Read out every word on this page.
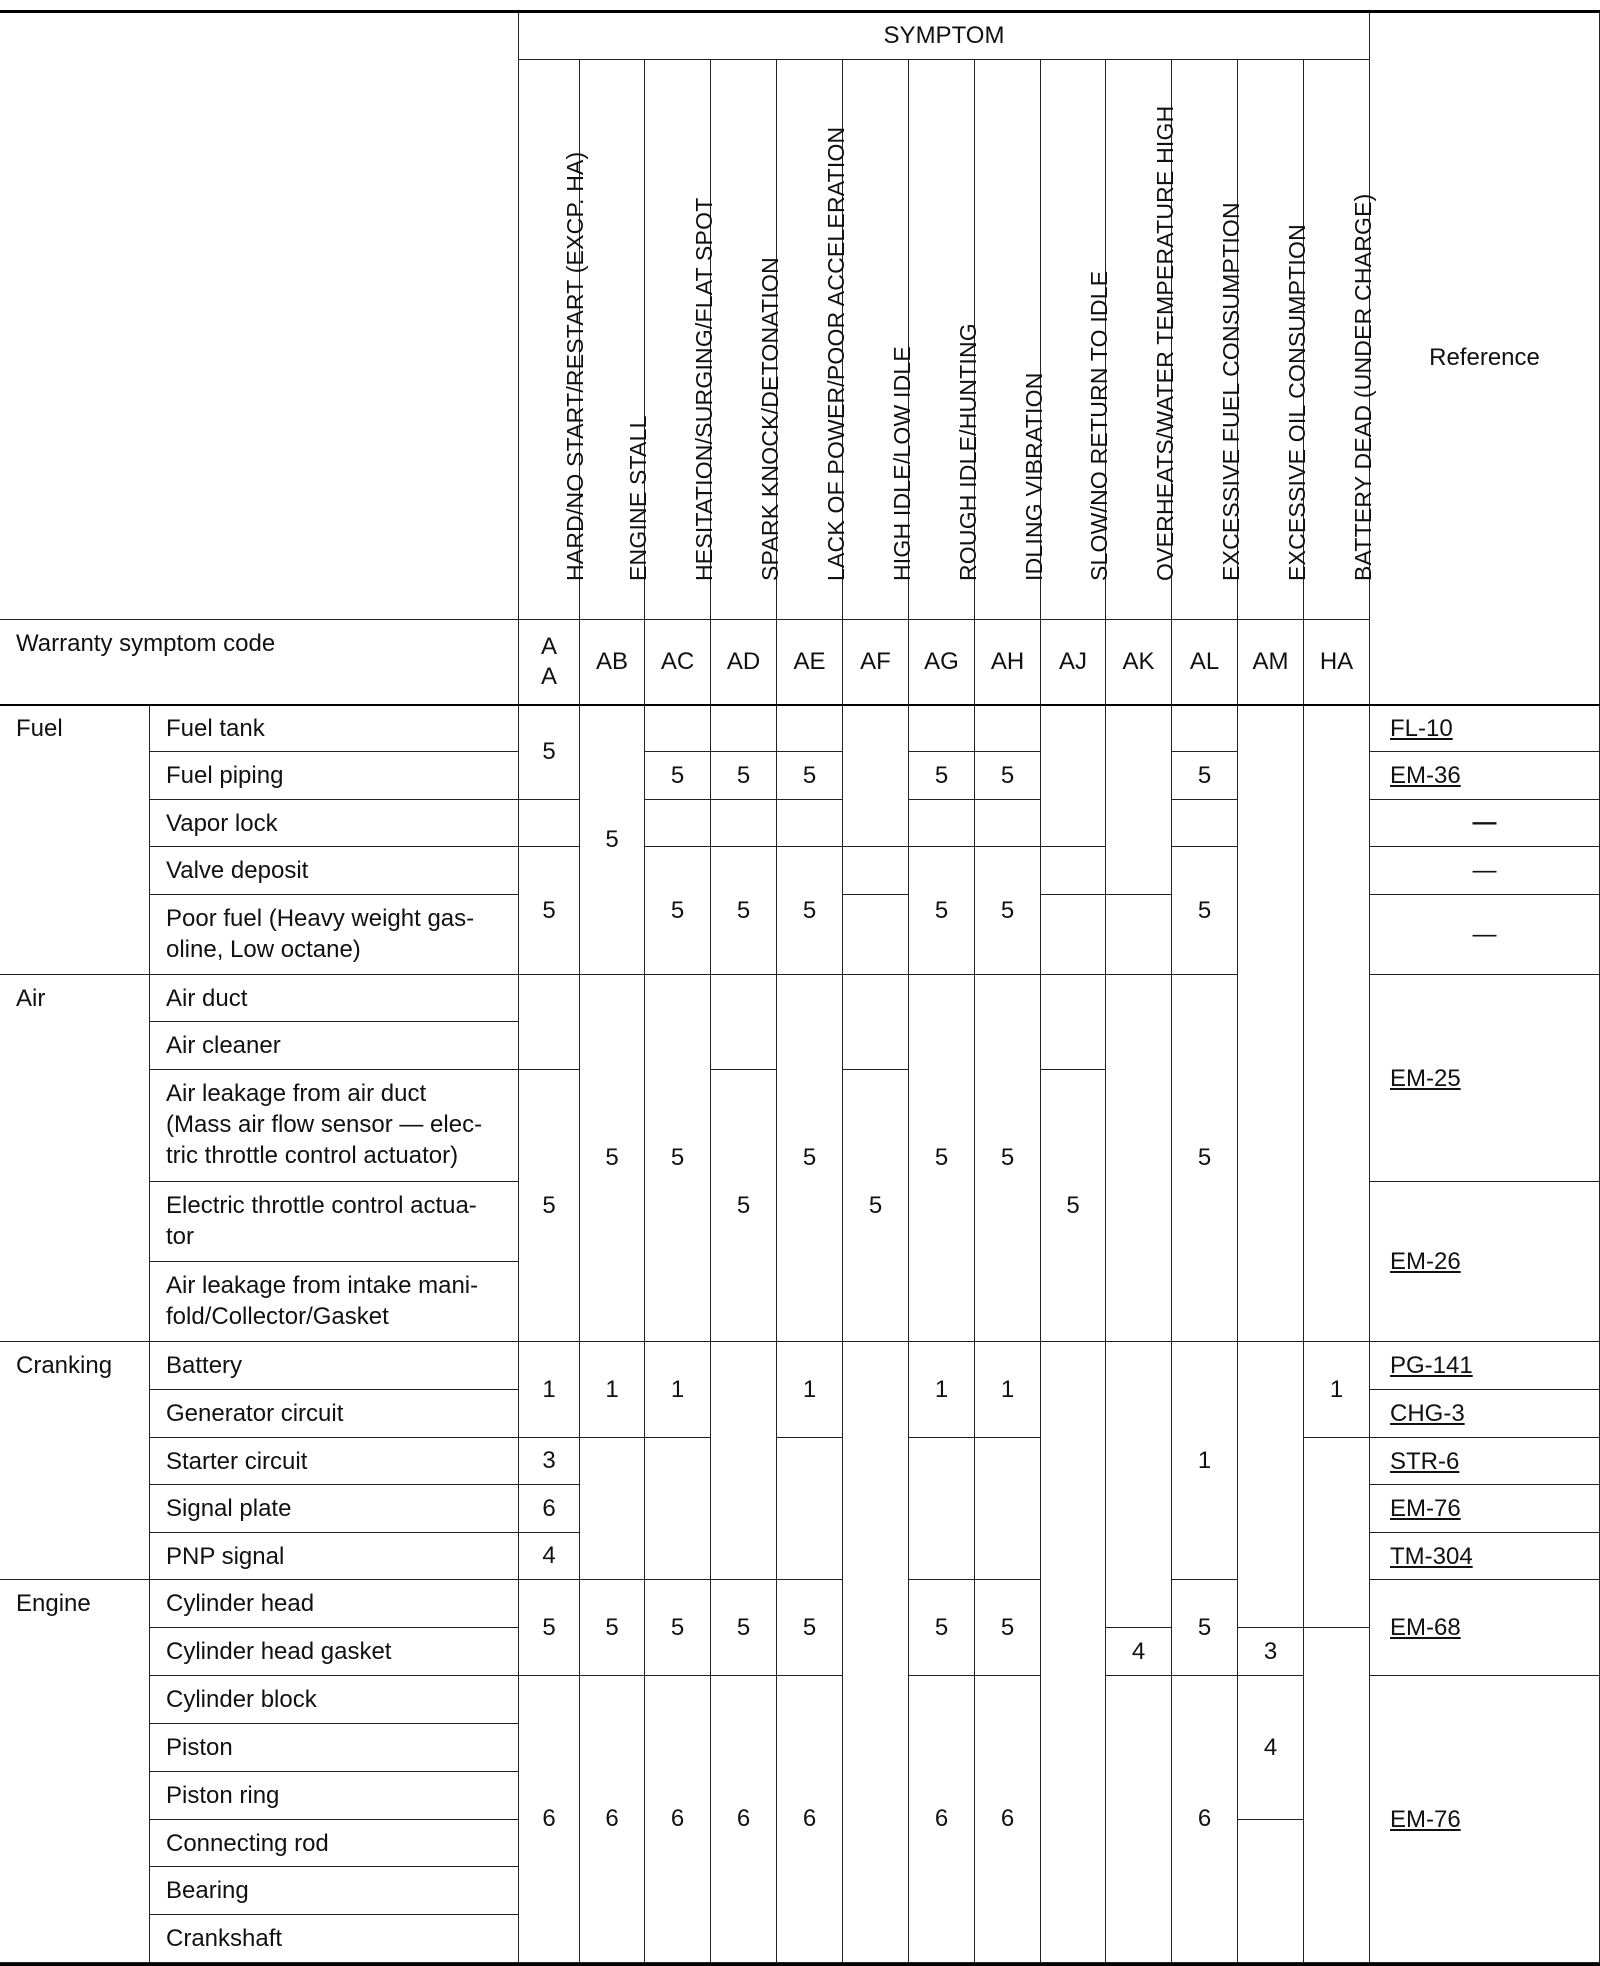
SYMPTOM
Reference
HARD/NO START/RESTART (EXCP. HA)
A
A
ENGINE STALL
AB
HESITATION/SURGING/FLAT SPOT
AC
SPARK KNOCK/DETONATION
AD
LACK OF POWER/POOR ACCELERATION
AE
HIGH IDLE/LOW IDLE
AF
ROUGH IDLE/HUNTING
AG
IDLING VIBRATION
AH
SLOW/NO RETURN TO IDLE
AJ
OVERHEATS/WATER TEMPERATURE HIGH
AK
EXCESSIVE FUEL CONSUMPTION
AL
EXCESSIVE OIL CONSUMPTION
AM
BATTERY DEAD (UNDER CHARGE)
HA
Warranty symptom code
Fuel
Air
Cranking
Engine
Fuel tank
Fuel piping
Vapor lock
Valve deposit
Poor fuel (Heavy weight gas-
oline, Low octane)
Air duct
Air cleaner
Air leakage from air duct
(Mass air flow sensor — elec-
tric throttle control actuator)
Electric throttle control actua-
tor
Air leakage from intake mani-
fold/Collector/Gasket
Battery
Generator circuit
Starter circuit
Signal plate
PNP signal
Cylinder head
Cylinder head gasket
Cylinder block
Piston
Piston ring
Connecting rod
Bearing
Crankshaft
5
5
5
1
3
6
4
5
6
5
5
1
5
6
5
5
5
1
5
6
5
5
5
5
6
5
5
5
1
5
6
5
5
5
5
1
5
6
5
5
5
1
5
6
5
4
5
5
5
1
5
6
3
4
1
FL-10
EM-36
—
—
—
EM-25
EM-26
PG-141
CHG-3
STR-6
EM-76
TM-304
EM-68
EM-76
